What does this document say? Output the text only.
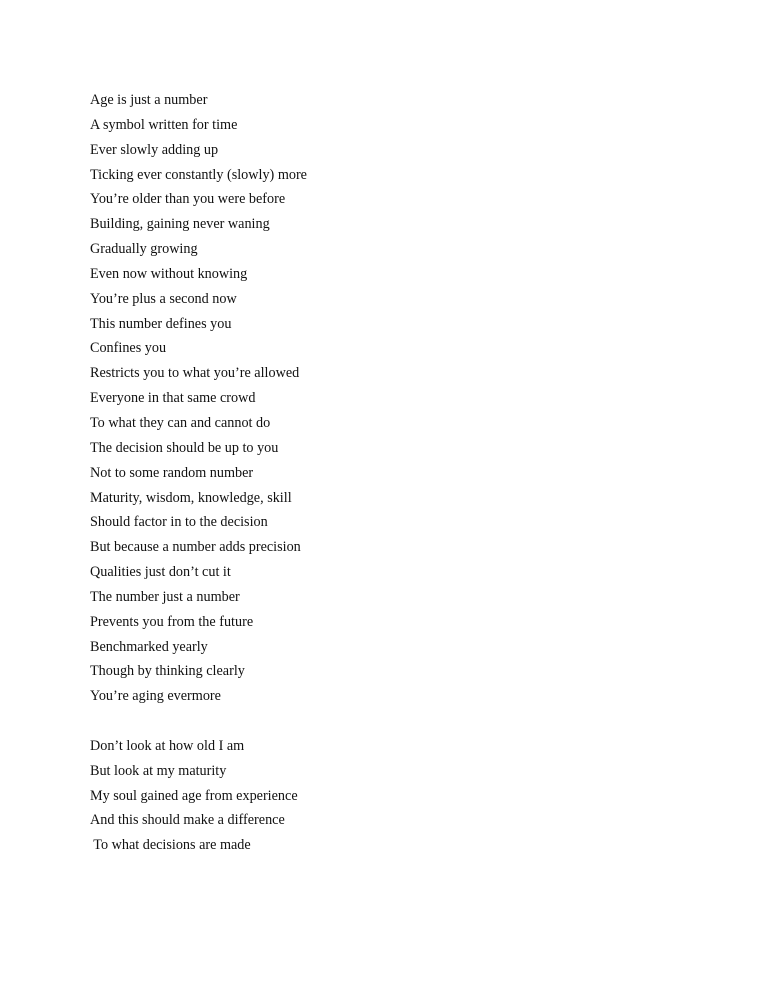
Age is just a number

A symbol written for time

Ever slowly adding up

Ticking ever constantly (slowly) more

You’re older than you were before

Building, gaining never waning

Gradually growing

Even now without knowing

You’re plus a second now

This number defines you

Confines you

Restricts you to what you’re allowed

Everyone in that same crowd

To what they can and cannot do

The decision should be up to you

Not to some random number

Maturity, wisdom, knowledge, skill

Should factor in to the decision

But because a number adds precision

Qualities just don’t cut it

The number just a number

Prevents you from the future

Benchmarked yearly

Though by thinking clearly

You’re aging evermore

Don’t look at how old I am

But look at my maturity

My soul gained age from experience

And this should make a difference

To what decisions are made
